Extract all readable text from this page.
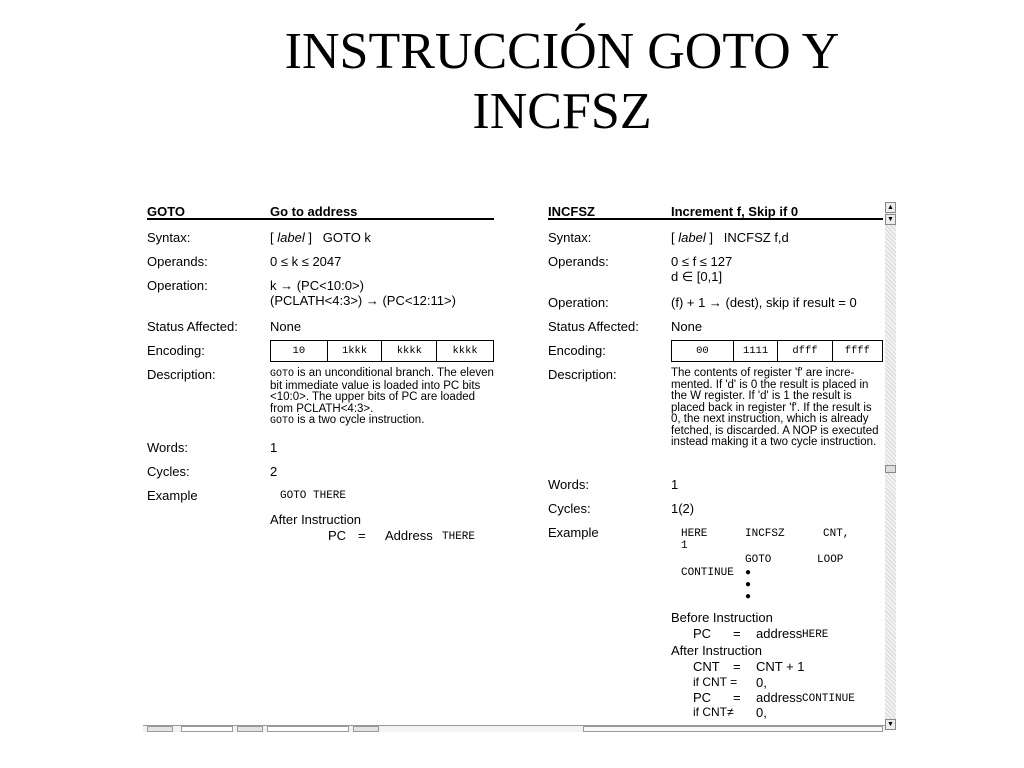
INSTRUCCIÓN GOTO Y
INCFSZ
GOTO	Go to address
Syntax:	[ label ]   GOTO k
Operands:	0 ≤ k ≤ 2047
Operation:	k → (PC<10:0>)
(PCLATH<4:3>) → (PC<12:11>)
Status Affected: None
Encoding:	10	1kkk	kkkk	kkkk
Description:	GOTO is an unconditional branch. The eleven bit immediate value is loaded into PC bits <10:0>. The upper bits of PC are loaded from PCLATH<4:3>.
GOTO is a two cycle instruction.
Words:	1
Cycles:	2
Example	GOTO THERE
After Instruction
PC = Address THERE
INCFSZ	Increment f, Skip if 0
Syntax:	[ label ]   INCFSZ f,d
Operands:	0 ≤ f ≤ 127
d ∈ [0,1]
Operation:	(f) + 1 → (dest), skip if result = 0
Status Affected: None
Encoding:	00	1111	dfff	ffff
Description:	The contents of register 'f' are incre-mented. If 'd' is 0 the result is placed in the W register. If 'd' is 1 the result is placed back in register 'f'. If the result is 0, the next instruction, which is already fetched, is discarded. A NOP is executed instead making it a two cycle instruction.
Words:	1
Cycles:	1(2)
Example	HERE	INCFSZ	CNT,
1
GOTO	LOOP
CONTINUE ●
●
●
Before Instruction
PC = address HERE
After Instruction
CNT = CNT + 1
if CNT = 0,
PC = address CONTINUE
if CNT≠ 0,
▲
▼
▼
